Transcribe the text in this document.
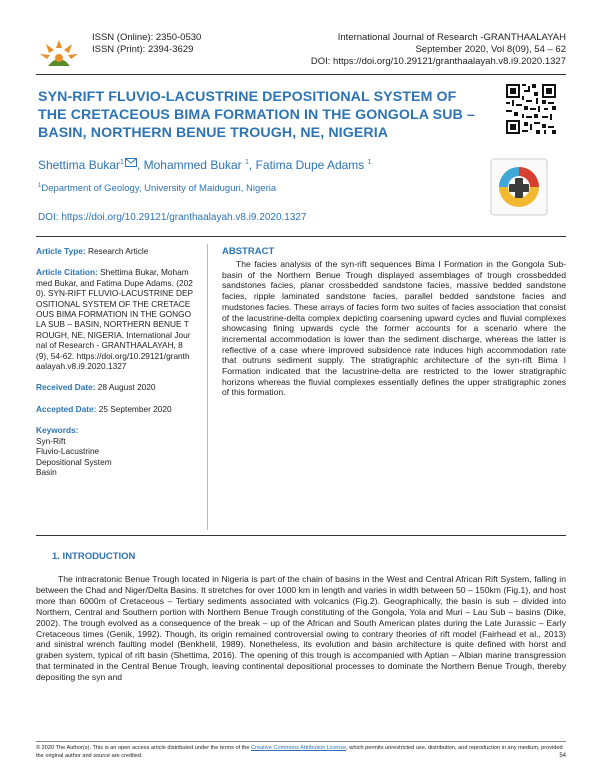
ISSN (Online): 2350-0530
ISSN (Print): 2394-3629
International Journal of Research -GRANTHAALAYAH
September 2020, Vol 8(09), 54 – 62
DOI: https://doi.org/10.29121/granthaalayah.v8.i9.2020.1327
SYN-RIFT FLUVIO-LACUSTRINE DEPOSITIONAL SYSTEM OF THE CRETACEOUS BIMA FORMATION IN THE GONGOLA SUB – BASIN, NORTHERN BENUE TROUGH, NE, NIGERIA
Shettima Bukar$^1$ , Mohammed Bukar $^1$, Fatima Dupe Adams $^1$
$^1$Department of Geology, University of Maiduguri, Nigeria
DOI: https://doi.org/10.29121/granthaalayah.v8.i9.2020.1327
Article Type: Research Article
Article Citation: Shettima Bukar, Mohammed Bukar, and Fatima Dupe Adams. (2020). SYN-RIFT FLUVIO-LACUSTRINE DEPOSITIONAL SYSTEM OF THE CRETACEOUS BIMA FORMATION IN THE GONGOLA SUB – BASIN, NORTHERN BENUE TROUGH, NE, NIGERIA. International Journal of Research - GRANTHAALAYAH, 8(9), 54-62. https://doi.org/10.29121/granthaalayah.v8.i9.2020.1327
Received Date: 28 August 2020
Accepted Date: 25 September 2020
Keywords:
Syn-Rift
Fluvio-Lacustrine
Depositional System
Basin
ABSTRACT
The facies analysis of the syn-rift sequences Bima I Formation in the Gongola Sub-basin of the Northern Benue Trough displayed assemblages of trough crossbedded sandstones facies, planar crossbedded sandstone facies, massive bedded sandstone facies, ripple laminated sandstone facies, parallel bedded sandstone facies and mudstones facies. These arrays of facies form two suites of facies association that consist of the lacustrine-delta complex depicting coarsening upward cycles and fluvial complexes showcasing fining upwards cycle the former accounts for a scenario where the incremental accommodation is lower than the sediment discharge, whereas the latter is reflective of a case where improved subsidence rate induces high accommodation rate that outruns sediment supply. The stratigraphic architecture of the syn-rift Bima I Formation indicated that the lacustrine-delta are restricted to the lower stratigraphic horizons whereas the fluvial complexes essentially defines the upper stratigraphic zones of this formation.
1. INTRODUCTION
The intracratonic Benue Trough located in Nigeria is part of the chain of basins in the West and Central African Rift System, falling in between the Chad and Niger/Delta Basins. It stretches for over 1000 km in length and varies in width between 50 – 150km (Fig.1), and host more than 6000m of Cretaceous – Tertiary sediments associated with volcanics (Fig.2). Geographically, the basin is sub – divided into Northern, Central and Southern portion with Northern Benue Trough constituting of the Gongola, Yola and Muri – Lau Sub – basins (Dike, 2002). The trough evolved as a consequence of the break – up of the African and South American plates during the Late Jurassic – Early Cretaceous times (Genik, 1992). Though, its origin remained controversial owing to contrary theories of rift model (Fairhead et al., 2013) and sinistral wrench faulting model (Benkhelil, 1989). Nonetheless, its evolution and basin architecture is quite defined with horst and graben system, typical of rift basin (Shettima, 2016). The opening of this trough is accompanied with Aptian – Albian marine transgression that terminated in the Central Benue Trough, leaving continental depositional processes to dominate the Northern Benue Trough, thereby depositing the syn and
© 2020 The Author(s). This is an open access article distributed under the terms of the Creative Commons Attribution License, which permits unrestricted use, distribution, and reproduction in any medium, provided the original author and source are credited.	54
